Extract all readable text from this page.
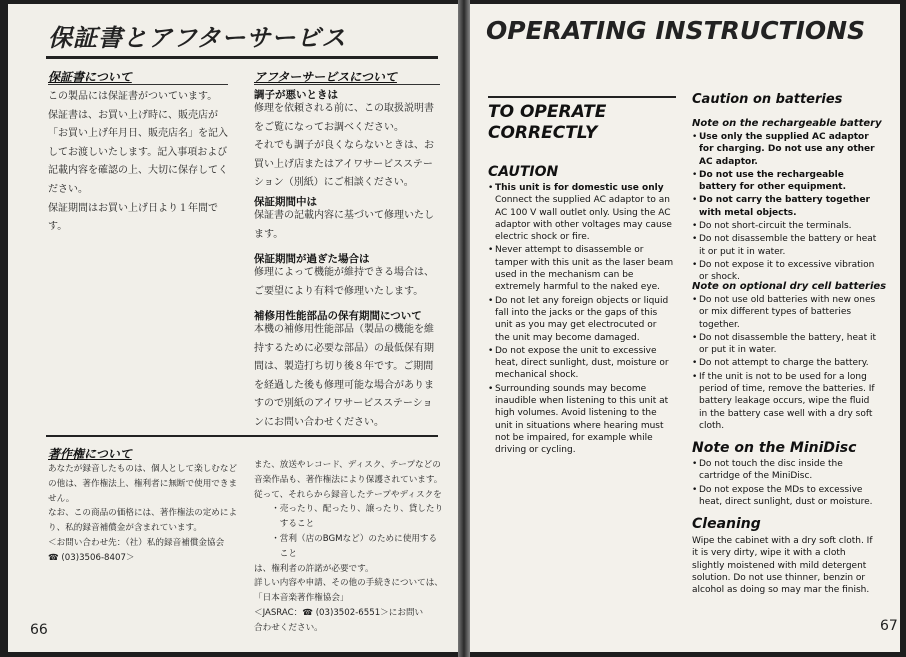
保証書とアフターサービス
保証書について
この製品には保証書がついています。
保証書は、お買い上げ時に、販売店が
「お買い上げ年月日、販売店名」を記入
してお渡しいたします。記入事項および
記載内容を確認の上、大切に保存してく
ださい。
保証期間はお買い上げ日より１年間で
す。
アフターサービスについて
調子が悪いときは
修理を依頼される前に、この取扱説明書
をご覧になってお調べください。
それでも調子が良くならないときは、お
買い上げ店またはアイワサービスステー
ション（別紙）にご相談ください。
保証期間中は
保証書の記載内容に基づいて修理いたし
ます。
保証期間が過ぎた場合は
修理によって機能が維持できる場合は、
ご要望により有料で修理いたします。
補修用性能部品の保有期間について
本機の補修用性能部品（製品の機能を維
持するために必要な部品）の最低保有期
間は、製造打ち切り後８年です。ご期間
を経過した後も修理可能な場合がありま
すので別紙のアイワサービスステーショ
ンにお問い合わせください。
著作権について
あなたが録音したものは、個人として楽しむなど
の他は、著作権法上、権利者に無断で使用できま
せん。
なお、この商品の価格には、著作権法の定めによ
り、私的録音補償金が含まれています。
＜お問い合わせ先：（社）私的録音補償金協会
☎ (03)3506-8407＞
また、放送やレコード、ディスク、テープなどの
音楽作品も、著作権法により保護されています。
従って、それらから録音したテープやディスクを
　　・売ったり、配ったり、譲ったり、貸したり
　　　すること
　　・営利（店のBGMなど）のために使用する
　　　こと
は、権利者の許諾が必要です。
詳しい内容や申請、その他の手続きについては、
「日本音楽著作権協会」
＜JASRAC：☎ (03)3502-6551＞にお問い
合わせください。
66
OPERATING INSTRUCTIONS
TO OPERATE
CORRECTLY
CAUTION
• This unit is for domestic use only
Connect the supplied AC adaptor to an AC 100 V wall outlet only. Using the AC adaptor with other voltages may cause electric shock or fire.
• Never attempt to disassemble or tamper with this unit as the laser beam used in the mechanism can be extremely harmful to the naked eye.
• Do not let any foreign objects or liquid fall into the jacks or the gaps of this unit as you may get electrocuted or the unit may become damaged.
• Do not expose the unit to excessive heat, direct sunlight, dust, moisture or mechanical shock.
• Surrounding sounds may become inaudible when listening to this unit at high volumes. Avoid listening to the unit in situations where hearing must not be impaired, for example while driving or cycling.
Caution on batteries
Note on the rechargeable battery
• Use only the supplied AC adaptor for charging. Do not use any other AC adaptor.
• Do not use the rechargeable battery for other equipment.
• Do not carry the battery together with metal objects.
• Do not short-circuit the terminals.
• Do not disassemble the battery or heat it or put it in water.
• Do not expose it to excessive vibration or shock.
Note on optional dry cell batteries
• Do not use old batteries with new ones or mix different types of batteries together.
• Do not disassemble the battery, heat it or put it in water.
• Do not attempt to charge the battery.
• If the unit is not to be used for a long period of time, remove the batteries. If battery leakage occurs, wipe the fluid in the battery case well with a dry soft cloth.
Note on the MiniDisc
• Do not touch the disc inside the cartridge of the MiniDisc.
• Do not expose the MDs to excessive heat, direct sunlight, dust or moisture.
Cleaning
Wipe the cabinet with a dry soft cloth. If it is very dirty, wipe it with a cloth slightly moistened with mild detergent solution. Do not use thinner, benzin or alcohol as doing so may mar the finish.
67
